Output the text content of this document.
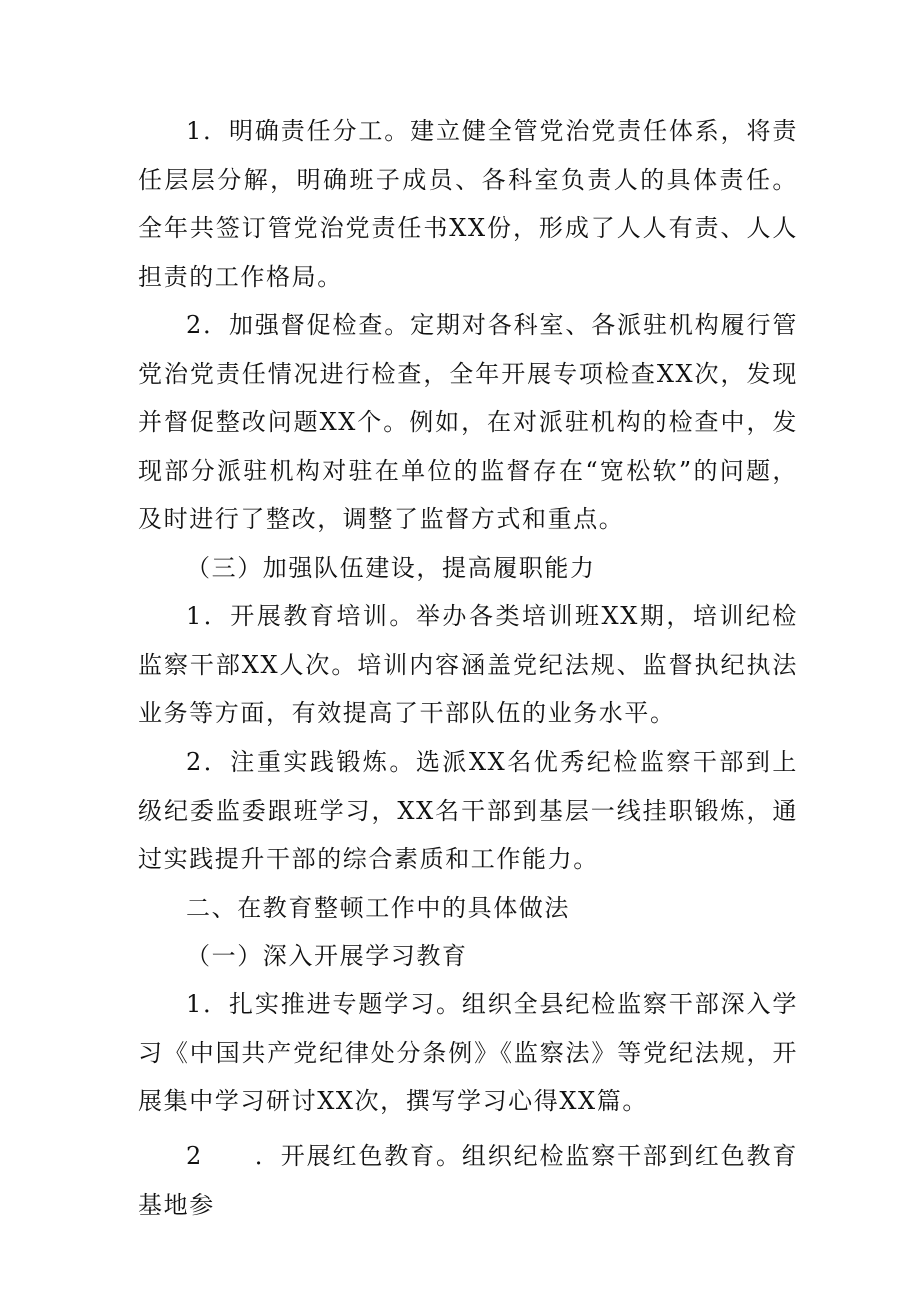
1．明确责任分工。建立健全管党治党责任体系，将责任层层分解，明确班子成员、各科室负责人的具体责任。全年共签订管党治党责任书XX份，形成了人人有责、人人担责的工作格局。

2．加强督促检查。定期对各科室、各派驻机构履行管党治党责任情况进行检查，全年开展专项检查XX次，发现并督促整改问题XX个。例如，在对派驻机构的检查中，发现部分派驻机构对驻在单位的监督存在“宽松软”的问题，及时进行了整改，调整了监督方式和重点。

（三）加强队伍建设，提高履职能力

1．开展教育培训。举办各类培训班XX期，培训纪检监察干部XX人次。培训内容涵盖党纪法规、监督执纪执法业务等方面，有效提高了干部队伍的业务水平。

2．注重实践锻炼。选派XX名优秀纪检监察干部到上级纪委监委跟班学习，XX名干部到基层一线挂职锻炼，通过实践提升干部的综合素质和工作能力。

二、在教育整顿工作中的具体做法

（一）深入开展学习教育

1．扎实推进专题学习。组织全县纪检监察干部深入学习《中国共产党纪律处分条例》《监察法》等党纪法规，开展集中学习研讨XX次，撰写学习心得XX篇。

2　　．开展红色教育。组织纪检监察干部到红色教育基地参
